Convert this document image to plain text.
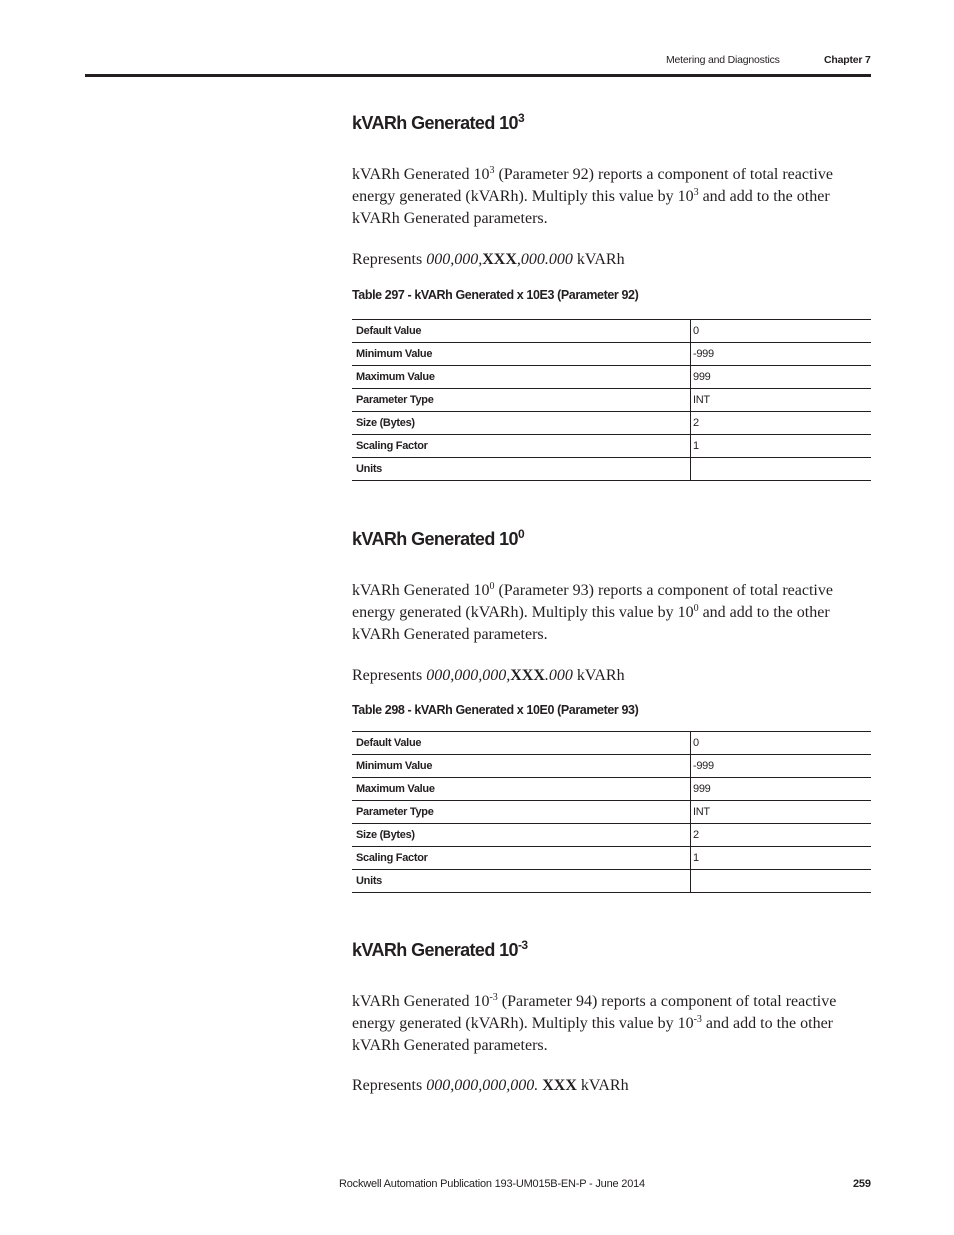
Metering and Diagnostics	Chapter 7
kVARh Generated $10^3$

kVARh Generated $10^3$ (Parameter 92) reports a component of total reactive
energy generated (kVARh). Multiply this value by $10^3$ and add to the other
kVARh Generated parameters.

Represents 000,000,XXX,000.000 kVARh

Table 297 - kVARh Generated x 10E3 (Parameter 92)

Default Value	0
Minimum Value	-999
Maximum Value	999
Parameter Type	INT
Size (Bytes)	2
Scaling Factor	1
Units	
kVARh Generated $10^0$

kVARh Generated $10^0$ (Parameter 93) reports a component of total reactive
energy generated (kVARh). Multiply this value by $10^0$ and add to the other
kVARh Generated parameters.

Represents 000,000,000,XXX.000 kVARh

Table 298 - kVARh Generated x 10E0 (Parameter 93)

Default Value	0
Minimum Value	-999
Maximum Value	999
Parameter Type	INT
Size (Bytes)	2
Scaling Factor	1
Units	
kVARh Generated $10^{-3}$

kVARh Generated $10^{-3}$ (Parameter 94) reports a component of total reactive
energy generated (kVARh). Multiply this value by $10^{-3}$ and add to the other
kVARh Generated parameters.

Represents 000,000,000,000. XXX kVARh

Rockwell Automation Publication 193-UM015B-EN-P - June 2014	259
